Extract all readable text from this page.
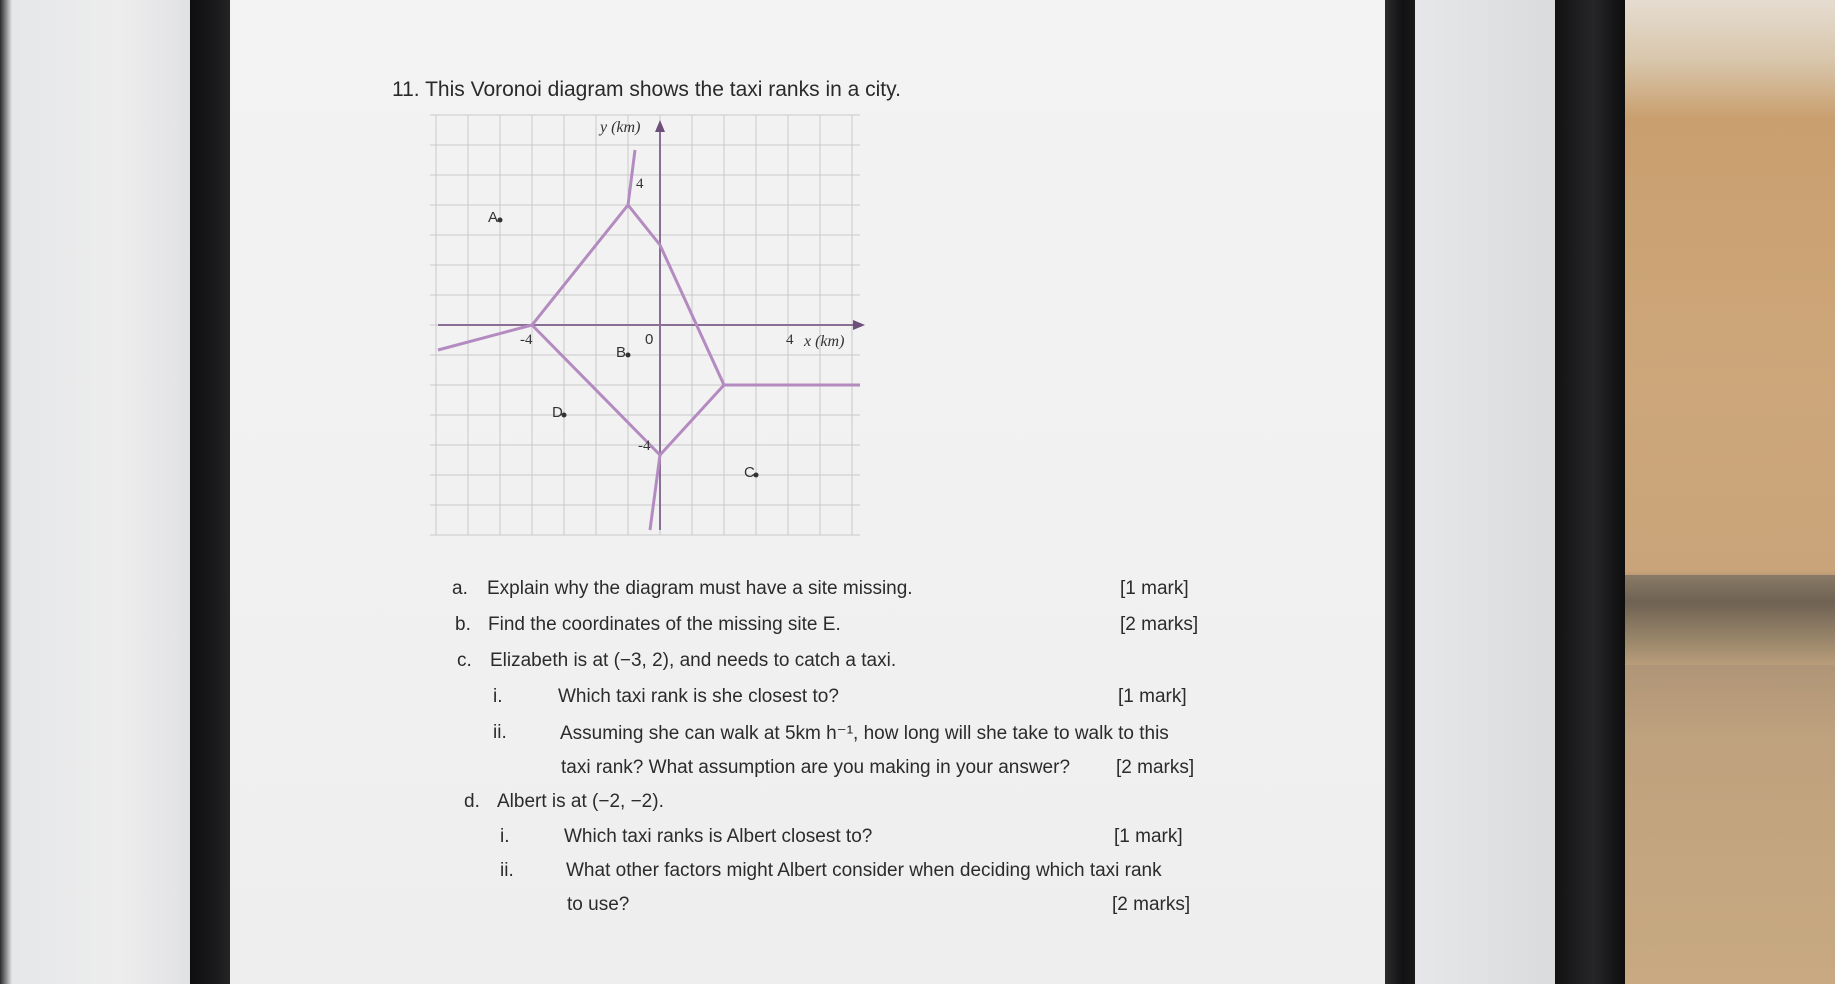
11. This Voronoi diagram shows the taxi ranks in a city.
-4	0	4
4
-4
y (km)
x (km)
A
B
C
D
a. Explain why the diagram must have a site missing.	[1 mark]
b. Find the coordinates of the missing site E.	[2 marks]
c. Elizabeth is at (−3, 2), and needs to catch a taxi.
i.	Which taxi rank is she closest to?	[1 mark]
ii.	Assuming she can walk at 5km h⁻¹, how long will she take to walk to this
taxi rank? What assumption are you making in your answer? [2 marks]
d. Albert is at (−2, −2).
i.	Which taxi ranks is Albert closest to?	[1 mark]
ii.	What other factors might Albert consider when deciding which taxi rank
to use?	[2 marks]
